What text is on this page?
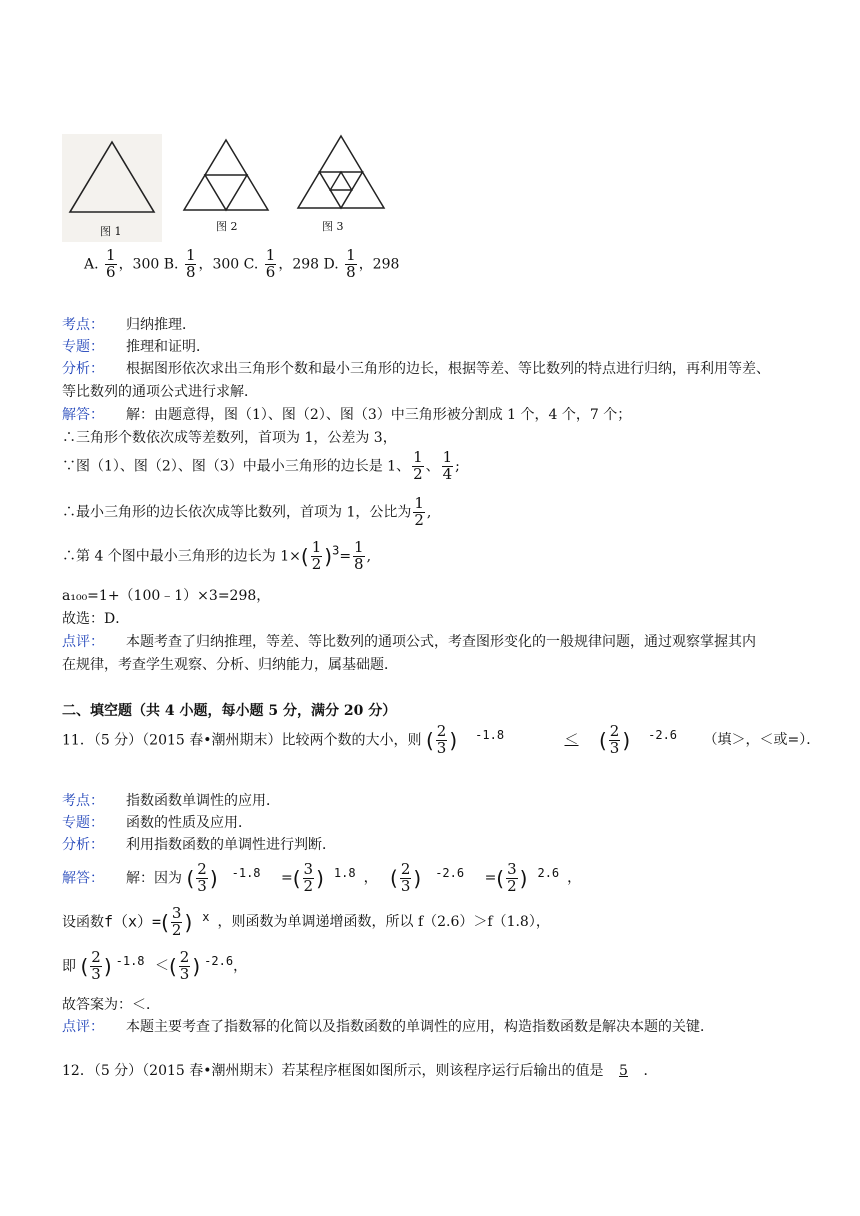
图 1	图 2	图 3
A. $\frac{1}{6}$ ，300 B. $\frac{1}{8}$ ，300 C. $\frac{1}{6}$ ，298 D. $\frac{1}{8}$ ，298
考点： 归纳推理．
专题： 推理和证明．
分析： 根据图形依次求出三角形个数和最小三角形的边长，根据等差、等比数列的特点进行归纳，再利用等差、
等比数列的通项公式进行求解．
解答： 解：由题意得，图（1）、图（2）、图（3）中三角形被分割成 1 个，4 个，7 个；
∴三角形个数依次成等差数列，首项为 1，公差为 3，
∵图（1）、图（2）、图（3）中最小三角形的边长是 1、 $\frac{1}{2}$ 、 $\frac{1}{4}$ ;
∴最小三角形的边长依次成等比数列，首项为 1，公比为 $\frac{1}{2}$ ,
∴第 4 个图中最小三角形的边长为 $1\times( \frac{1}{2} )^3= \frac{1}{8}$ ,
a₁₀₀=1+（100﹣1）×3=298，
故选：D．
点评： 本题考查了归纳推理，等差、等比数列的通项公式，考查图形变化的一般规律问题，通过观察掌握其内
在规律，考查学生观察、分析、归纳能力，属基础题．
二、填空题（共 4 小题，每小题 5 分，满分 20 分）
11．（5 分）（2015 春•潮州期末）比较两个数的大小，则 ( $\frac{2}{3}$ ) $^{-1.8}$	＜ ( $\frac{2}{3}$ ) $^{-2.6}$ （填＞，＜或=）．
考点： 指数函数单调性的应用．
专题： 函数的性质及应用．
分析： 利用指数函数的单调性进行判断．
解答： 解：因为 ( $\frac{2}{3}$ ) $^{-1.8}$ =( $\frac{3}{2}$ ) $^{1.8}$ ， ( $\frac{2}{3}$ ) $^{-2.6}$ =( $\frac{3}{2}$ ) $^{2.6}$ ，
设函数$f(x)=( \frac{3}{2}$ ) $^x$ ，则函数为单调递增函数，所以 f（2.6）＞f（1.8），
即 ( $\frac{2}{3}$ ) $^{-1.8}$ ＜( $\frac{2}{3}$ ) $^{-2.6}$，
故答案为：＜．
点评： 本题主要考查了指数幂的化简以及指数函数的单调性的应用，构造指数函数是解决本题的关键．
12．（5 分）（2015 春•潮州期末）若某程序框图如图所示，则该程序运行后输出的值是 5 ．
